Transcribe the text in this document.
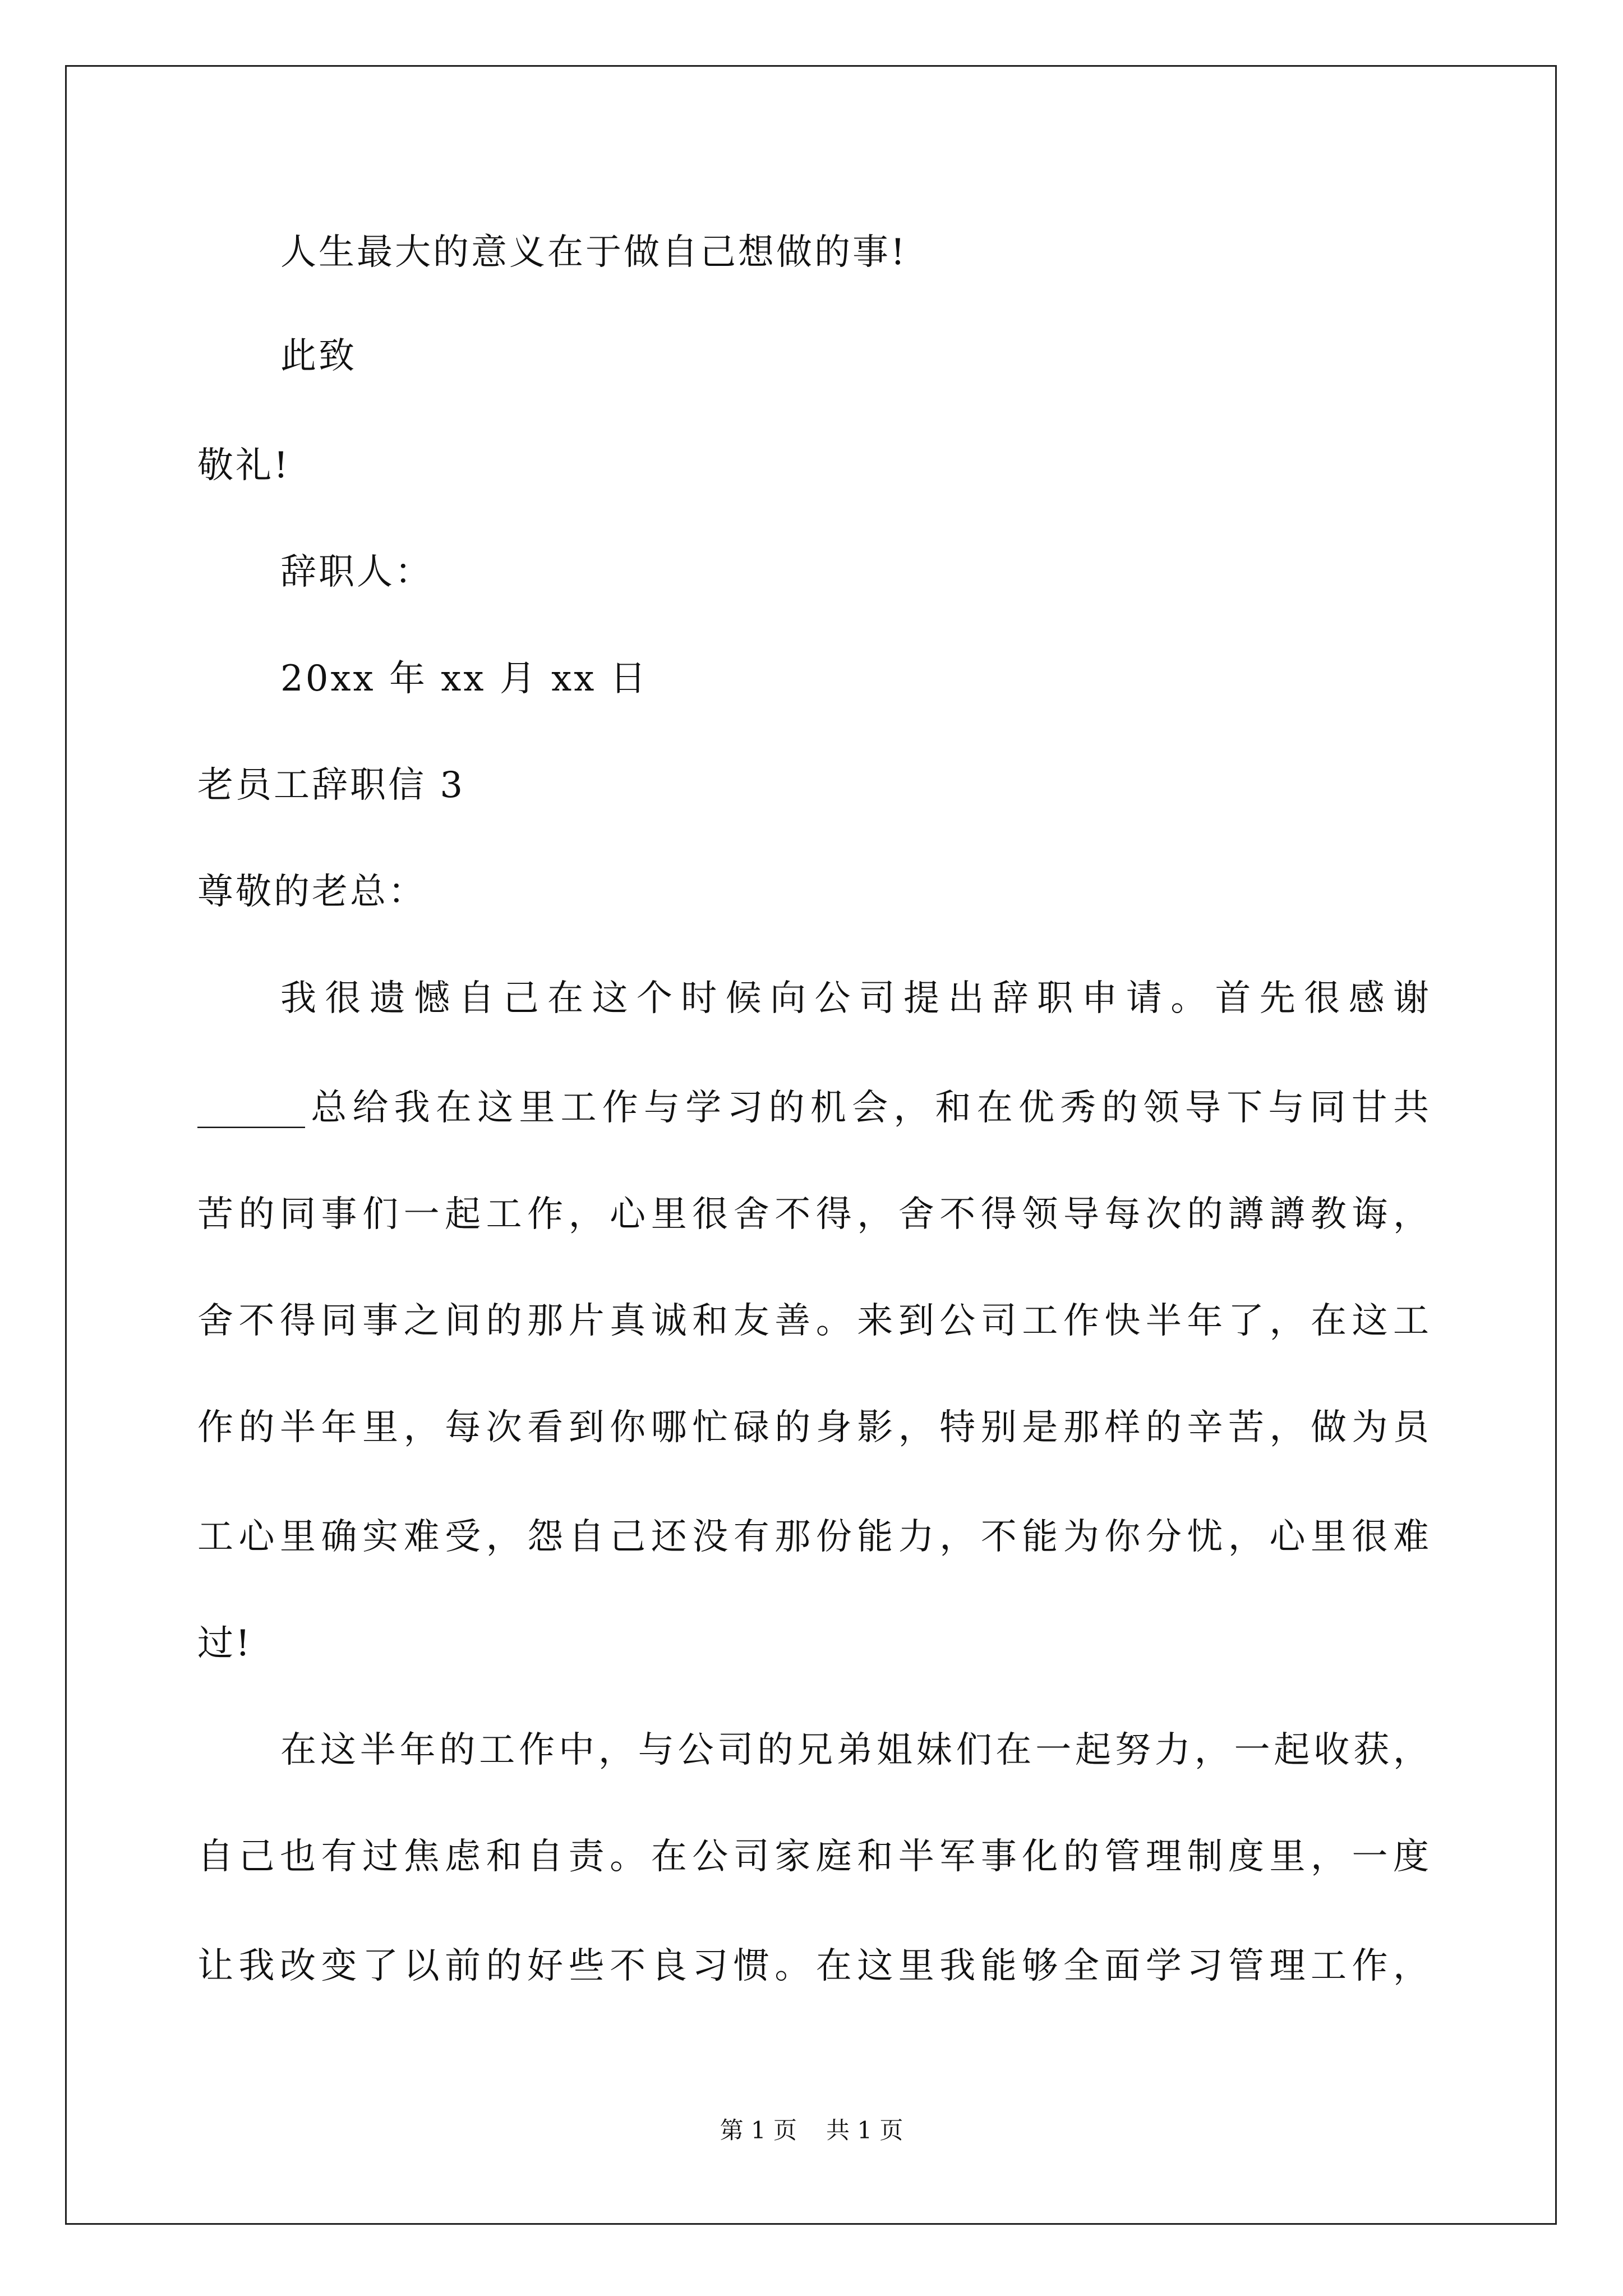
人生最大的意义在于做自己想做的事!
此致
敬礼!
辞职人：
20xx 年 xx 月 xx 日
老员工辞职信 3
尊敬的老总：
我很遗憾自己在这个时候向公司提出辞职申请。首先很感谢
______总给我在这里工作与学习的机会，和在优秀的领导下与同甘共
苦的同事们一起工作，心里很舍不得，舍不得领导每次的譐譐教诲，
舍不得同事之间的那片真诚和友善。来到公司工作快半年了，在这工
作的半年里，每次看到你哪忙碌的身影，特别是那样的辛苦，做为员
工心里确实难受，怨自己还没有那份能力，不能为你分忧，心里很难
过!
在这半年的工作中，与公司的兄弟姐妹们在一起努力，一起收获，
自己也有过焦虑和自责。在公司家庭和半军事化的管理制度里，一度
让我改变了以前的好些不良习惯。在这里我能够全面学习管理工作，
第 1 页 共 1 页
